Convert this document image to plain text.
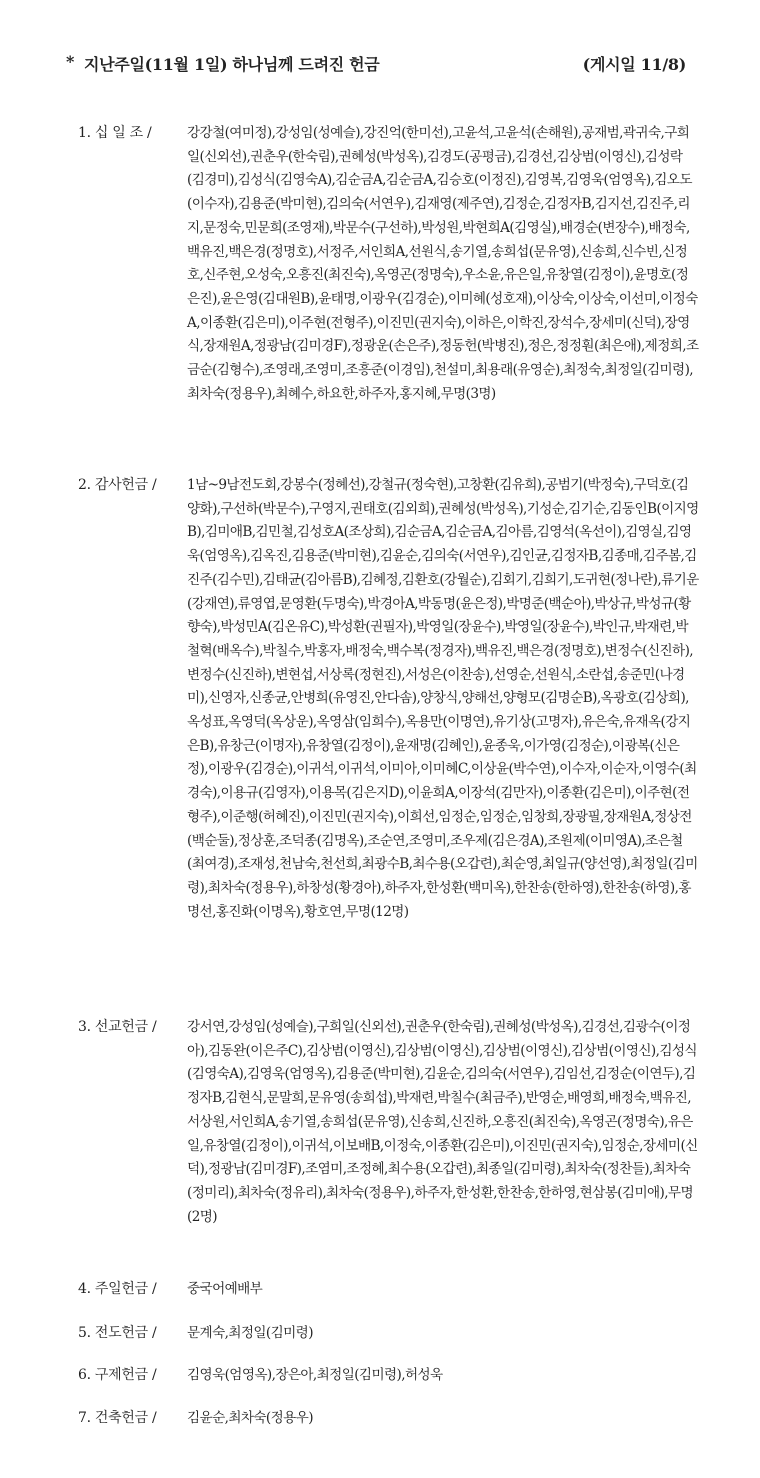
* 지난주일(11월 1일) 하나님께 드려진 헌금	(게시일 11/8)
1. 십 일 조 /	강강철(여미정),강성임(성예슬),강진억(한미선),고윤석,고윤석(손해원),공재범,곽귀숙,구희일(신외선),권춘우(한숙림),권혜성(박성옥),김경도(공평금),김경선,김상범(이영신),김성락(김경미),김성식(김영숙A),김순금A,김순금A,김승호(이정진),김영복,김영욱(엄영옥),김오도(이수자),김용준(박미현),김의숙(서연우),김재영(제주연),김정순,김정자B,김지선,김진주,리지,문정숙,민문희(조영재),박문수(구선하),박성원,박현희A(김영실),배경순(변장수),배정숙,백유진,백은경(정명호),서정주,서인희A,선원식,송기열,송희섭(문유영),신송희,신수빈,신정호,신주현,오성숙,오흥진(최진숙),옥영곤(정명숙),우소윤,유은일,유창열(김정이),윤명호(정은진),윤은영(김대원B),윤태명,이광우(김경순),이미혜(성호재),이상숙,이상숙,이선미,이정숙A,이종환(김은미),이주현(전형주),이진민(권지숙),이하은,이학진,장석수,장세미(신덕),장영식,장재원A,정광남(김미경F),정광운(손은주),정동헌(박병진),정은,정정훤(최은애),제정희,조금순(김형수),조영래,조영미,조흥준(이경임),천설미,최용래(유영순),최정숙,최정일(김미령),최차숙(정용우),최혜수,하요한,하주자,홍지혜,무명(3명)
2. 감사헌금 /	1남~9남전도회,강봉수(정혜선),강철규(정숙현),고창환(김유희),공범기(박정숙),구덕호(김양화),구선하(박문수),구영지,권태호(김외희),권혜성(박성옥),기성순,김기순,김동인B(이지영B),김미애B,김민철,김성호A(조상희),김순금A,김순금A,김아름,김영석(옥선이),김영실,김영욱(엄영옥),김옥진,김용준(박미현),김윤순,김의숙(서연우),김인균,김정자B,김종매,김주봄,김진주(김수민),김태균(김아름B),김혜정,김환호(강월순),김회기,김희기,도귀현(정나란),류기운(강재연),류영엽,문영환(두명숙),박경아A,박동명(윤은정),박명준(백순아),박상규,박성규(황향숙),박성민A(김온유C),박성환(권필자),박영일(장윤수),박영일(장윤수),박인규,박재련,박철혁(배옥수),박칠수,박홍자,배정숙,백수복(정경자),백유진,백은경(정명호),변정수(신진하),변정수(신진하),변현섭,서상록(정현진),서성은(이찬송),선영순,선원식,소란섭,송준민(나경미),신영자,신종균,안병희(유영진,안다솜),양창식,양해선,양형모(김명순B),옥광호(김상희),옥성표,옥영덕(옥상운),옥영삼(임희수),옥용만(이명연),유기상(고명자),유은숙,유재옥(강지은B),유창근(이명자),유창열(김정이),윤재명(김혜인),윤종욱,이가영(김정순),이광복(신은정),이광우(김경순),이귀석,이귀석,이미아,이미혜C,이상윤(박수연),이수자,이순자,이영수(최경숙),이용규(김영자),이용목(김은지D),이윤희A,이장석(김만자),이종환(김은미),이주현(전형주),이준행(허혜진),이진민(권지숙),이희선,임정순,임정순,임창희,장광필,장재원A,정상전(백순둘),정상훈,조덕종(김명옥),조순연,조영미,조우제(김은경A),조원제(이미영A),조은철(최여경),조재성,천남숙,천선희,최광수B,최수용(오갑련),최순영,최일규(양선영),최정일(김미령),최차숙(정용우),하창성(황경아),하주자,한성환(백미옥),한찬송(한하영),한찬송(하영),홍명선,홍진화(이명옥),황호연,무명(12명)
3. 선교헌금 /	강서연,강성임(성예슬),구희일(신외선),권춘우(한숙림),권혜성(박성옥),김경선,김광수(이정아),김동완(이은주C),김상범(이영신),김상범(이영신),김상범(이영신),김상범(이영신),김성식(김영숙A),김영욱(엄영옥),김용준(박미현),김윤순,김의숙(서연우),김임선,김정순(이연두),김정자B,김현식,문말희,문유영(송희섭),박재련,박칠수(최금주),반영순,배영희,배정숙,백유진,서상원,서인희A,송기열,송희섭(문유영),신송희,신진하,오흥진(최진숙),옥영곤(정명숙),유은일,유창열(김정이),이귀석,이보배B,이정숙,이종환(김은미),이진민(권지숙),임정순,장세미(신덕),정광남(김미경F),조염미,조정혜,최수용(오갑련),최종일(김미령),최차숙(정찬들),최차숙(정미리),최차숙(정유리),최차숙(정용우),하주자,한성환,한찬송,한하영,현삼봉(김미애),무명(2명)
4. 주일헌금 /	중국어예배부
5. 전도헌금 /	문계숙,최정일(김미령)
6. 구제헌금 /	김영욱(엄영옥),장은아,최정일(김미령),허성욱
7. 건축헌금 /	김윤순,최차숙(정용우)
